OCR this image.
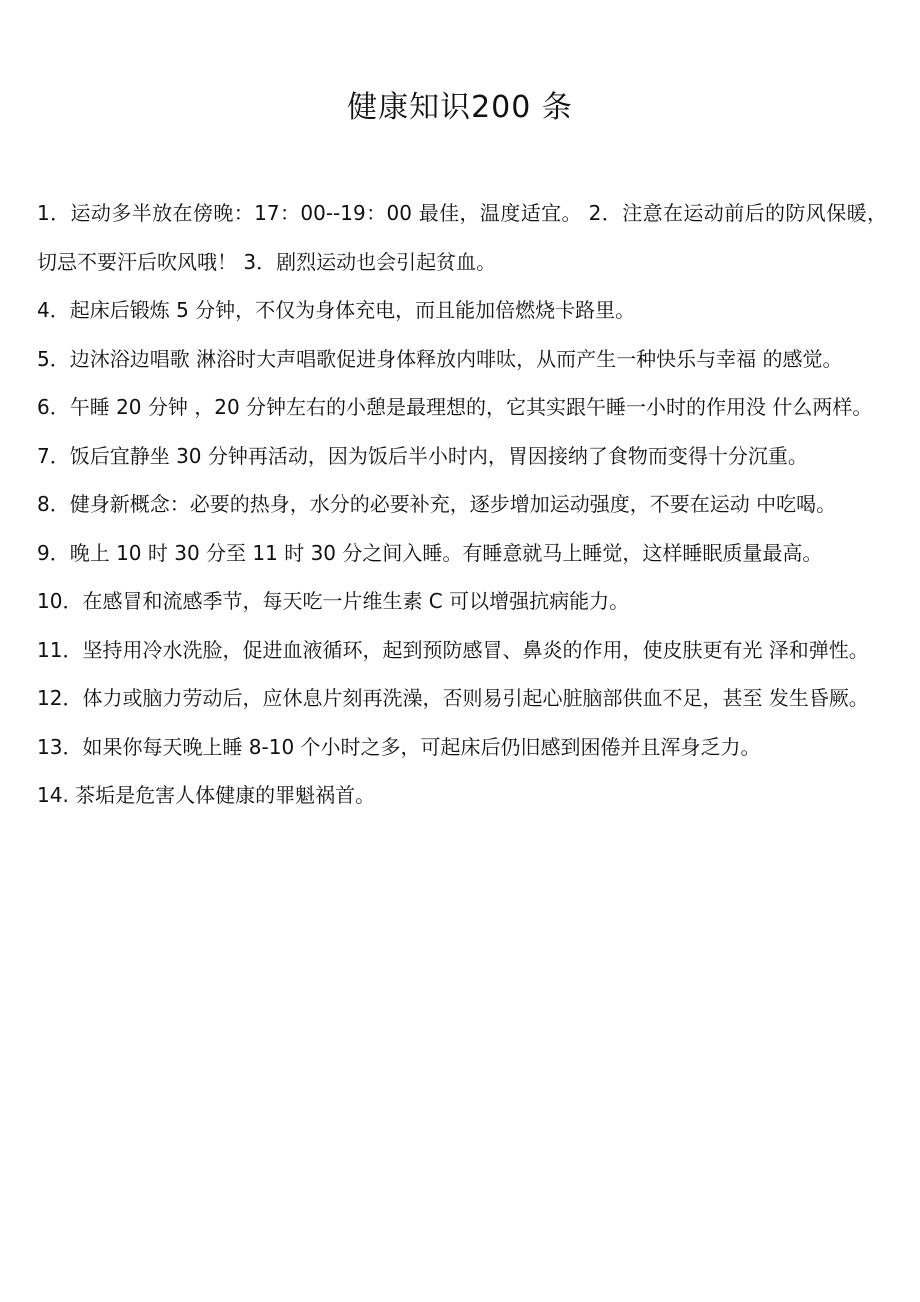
健康知识200 条

1．运动多半放在傍晚：17：00--19：00 最佳，温度适宜。 2．注意在运动前后的防风保暖，切忌不要汗后吹风哦！ 3．剧烈运动也会引起贫血。

4．起床后锻炼 5 分钟，不仅为身体充电，而且能加倍燃烧卡路里。

5．边沐浴边唱歌 淋浴时大声唱歌促进身体释放内啡呔，从而产生一种快乐与幸福 的感觉。

6．午睡 20 分钟 ，20 分钟左右的小憩是最理想的，它其实跟午睡一小时的作用没 什么两样。

7．饭后宜静坐 30 分钟再活动，因为饭后半小时内，胃因接纳了食物而变得十分沉重。

8．健身新概念：必要的热身，水分的必要补充，逐步增加运动强度，不要在运动 中吃喝。

9．晚上 10 时 30 分至 11 时 30 分之间入睡。有睡意就马上睡觉，这样睡眠质量最高。

10．在感冒和流感季节，每天吃一片维生素 C 可以增强抗病能力。

11．坚持用冷水洗脸，促进血液循环，起到预防感冒、鼻炎的作用，使皮肤更有光 泽和弹性。

12．体力或脑力劳动后，应休息片刻再洗澡，否则易引起心脏脑部供血不足，甚至 发生昏厥。

13．如果你每天晚上睡 8-10 个小时之多，可起床后仍旧感到困倦并且浑身乏力。

14. 茶垢是危害人体健康的罪魁祸首。
